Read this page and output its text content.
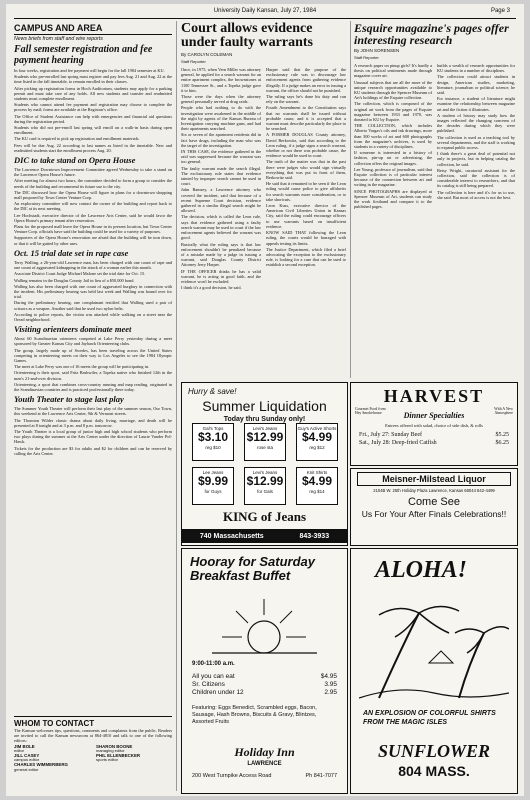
University Daily Kansan, July 27, 1984	Page 3
CAMPUS AND AREA
News briefs from staff and wire reports
Fall semester registration and fee payment hearing

In four weeks, registration and fee payment will begin for the fall 1984 semester at KU.

Students who pre-enrolled last spring must register and pay fees Aug. 21 and Aug. 22 at the time listed in the fall timetable, to remain enrolled in their classes.

After picking up registration forms in Hoch Auditorium, students may apply for a parking permit and must take care of any holds. All new students and transfer and readmitted students must complete enrollment.

Students who cannot attend fee payment and registration may choose to complete the process by mail; forms are available at the Registrar's office.

The Office of Student Assistance can help with emergencies and financial aid questions during the registration period.

Students who did not pre-enroll last spring will enroll on a walk-in basis during open enrollment.

The KU card is required to pick up registration and enrollment materials.

Fees will be due Aug. 22 according to last names as listed in the timetable. New and readmitted students start the enrollment process Aug. 20.

DIC to take stand on Opera House

The Lawrence Downtown Improvement Committee agreed Wednesday to take a stand on the Lawrence Opera House's future.

After meeting for almost two hours, the committee decided to form a group to consider the needs of the building and recommend its future use to the city.

The DIC discussed how the Opera House will figure in plans for a downtown shopping mall proposed by Town Center Venture Corp.

An exploratory committee will now contact the owner of the building and report back to the DIC at its next meeting.

Lee Hochstadt, executive director of the Lawrence Arts Center, said he would favor the Opera House's primary tenant after renovation.

Plans for the proposed mall leave the Opera House in its present location, but Town Center Venture Corp. officials have said the building could be used for a variety of purposes.

Supporters of the Opera House's renovation are afraid that the building will be torn down, or that it will be gutted by other uses.

Oct. 15 trial date set in rape case

Terry Walling, a 26-year-old Lawrence man, has been charged with one count of rape and one count of aggravated kidnapping in the attack of a woman earlier this month.

Associate District Court Judge Michael Malone set the trial date for Oct. 15.

Walling remains in the Douglas County Jail in lieu of a $50,000 bond.

Walling has also been charged with one count of aggravated burglary in connection with the incident. His preliminary hearing was held last week and Walling was bound over for trial.

During the preliminary hearing, one complainant testified that Walling used a pair of scissors as a weapon. Another said that he used two nylon belts.

According to police reports, the victim was attacked while walking on a street near the Oread neighborhood.

Visiting orienteers dominate meet

About 60 Scandinavian orienteers competed at Lake Perry yesterday during a meet sponsored by Greater Kansas City and Jayhawk Orienteering clubs.

The group, largely made up of Swedes, has been traveling across the United States competing in orienteering meets on their way to Los Angeles to see the 1984 Olympic Games.

The meet at Lake Perry was one of 16 meets the group will be participating in.

Orienteering is their sport, said Fritz Bruhwiler, a Topeka native who finished 12th in the men's 21-and-over division.

Orienteering, a sport that combines cross-country running and map reading, originated in the Scandinavian countries and is practiced professionally there today.

Youth Theater to stage last play

The Summer Youth Theater will perform their last play of the summer season, Our Town, this weekend at the Lawrence Arts Center, 9th & Vermont streets.

The Thornton Wilder classic drama about daily living, marriage, and death will be presented at 8 tonight and at 3 p.m. and 8 p.m. tomorrow.

The Youth Theater is a local group of junior high and high school students who perform two plays during the summer at the Arts Center under the direction of Laurie Vander Pol-Hawk.

Tickets for the production are $3 for adults and $2 for children and can be reserved by calling the Arts Center.

WHOM TO CONTACT

The Kansan welcomes tips, questions, comments and complaints from the public. Readers are invited to call the Kansan newsroom at 864-4810 and talk to one of the following editors:

JIM BOLE
editor
SHARON BOONE
managing editor
JILL CASEY
campus editor
PHIL ELLENBECKER
sports editor
CHARLES WIMMERBERG
general editor
Court allows evidence under faulty warrants
By CAROLYN COLEMAN
Staff Reporter

Once, in 1975, when Vern Miller was attorney general, he applied for a search warrant for an entire apartment complex, the brownstones at 1100 Tennessee St., and a Topeka judge gave it to him.

Those were the days when the attorney general personally served at drug raids.

People who had nothing to do with the investigation were awakened in the middle of the night by agents of the Kansas Bureau of Investigation carrying machine guns, and had their apartments searched.

Six or seven of the apartment residents did in fact have drugs, including the man who was the target of the investigation.

IN THIS CASE, the evidence gathered in the raid was suppressed because the warrant was too general.

The faulty warrant made the search illegal. The exclusionary rule states that evidence tainted by improper search cannot be used in court.

Juhn Ramsey, a Lawrence attorney who covered the incident, said that because of a recent Supreme Court decision, evidence gathered in a similar illegal search might be allowed.

The decision, which is called the Leon rule, says that evidence gathered using a faulty search warrant may be used in court if the law enforcement agents believed the warrant was good.

Basically what the ruling says is that law enforcement shouldn't be penalized because of a mistake made by a judge in issuing a warrant, said Douglas County District Attorney Jerry Harper.

IF THE OFFICER thinks he has a valid warrant, he is acting in good faith, and the evidence won't be excluded.

I think it's a good decision, he said.

Harper said that the purpose of the exclusionary rule was to discourage law enforcement agents from gathering evidence illegally. If a judge makes an error in issuing a warrant, the officer should not be punished.

The ruling says he's done his duty and can rely on the warrant.

Fourth Amendment to the Constitution says that no warrants shall be issued without probable cause, and it is accepted that a warrant must describe particularly the place to be searched.

A FORMER DOUGLAS County attorney, David Berkowitz, said that according to the Leon ruling, if a judge signs a search warrant, whether or not there was probable cause, the evidence would be used in court.

The truth of the matter was that in the past there were judges who would sign virtually everything that was put in front of them, Berkowitz said.

He said that it remained to be seen if the Leon ruling would cause police to give affidavits for search warrants more consideration, or to take shortcuts.

Leon Kuss, executive director of the American Civil Liberties Union in Kansas City, said the ruling could encourage officers to use warrants based on insufficient evidence.

KNOW SAID THAT following the Leon ruling, the courts would be barraged with appeals testing its limits.

The Justice Department, which filed a brief advocating the exception to the exclusionary rule, is looking for a case that can be used to establish a second exception.

Esquire magazine's pages offer interesting research
By JOHN SORENSEN
Staff Reporter

A research paper on pinup girls? It's hardly a thesis on political sentiments made through magazine cover art.

Unusual subjects that are all the more of the unique research opportunities available to KU students through the Spencer Museum of Art's holdings of the Esquire collection.

The collection, which is composed of the original art work from the pages of Esquire magazine between 1933 and 1970, was donated to KU by Esquire.

THE COLLECTION, which includes Alberto Vargas's oils and ink drawings, more than 300 works of art and 600 photographs from the magazine's archives, is used by students in a variety of disciplines.

If someone is interested in a history of fashion, pin-up art or advertising, the collection offers the original images.

Lee Young, professor of journalism, said that Esquire collection is of particular interest because of the connection between art and writing in the magazine.

SINCE PHOTOGRAPHS are displayed at Spencer Museum of Art, students can study the work firsthand and compare it to the published pages.

builds a wealth of research opportunities for KU students in a number of disciplines.

The collection could attract students in design, American studies, marketing, literature, journalism or political science, he said.

For instance, a student of literature might examine the relationship between magazine art and the fiction it illustrates.

A student of history may study how the images reflected the changing concerns of the decades during which they were published.

The collection is used as a teaching tool by several departments, and the staff is working to expand public access.

I think there's a great deal of potential not only in projects, but in helping catalog the collection, he said.

Betsy Wright, curatorial assistant for the collection, said the collection is of considerable interest to researchers, and that its catalog is still being prepared.

The collection is here and it's for us to use, she said. But most of access is not the best.

Hurry & save!
Summer Liquidation
Today thru Sunday only!
Gal's Tops
$3.10
reg $10
Levi's Jeans
$12.99
rose sta
Guy's Active Shorts
$4.99
reg $12
Lee Jeans
$9.99
for Guys
Levi's Jeans
$12.99
for Gals
Knit Shirts
$4.99
reg $14
KING of Jeans
740 Massachusetts	843-3933
HARVEST
Gourmet Food from Hey Smokehouse
With A New Atmosphere
Dinner Specialties
Entrees offered with salad, choice of side dish, & rolls
Fri., July 27: Sunday Beef	$5.25
Sat., July 28: Deep-fried Catfish	$6.25
Meisner-Milstead Liquor
2104B W. 25th Holiday Plaza Lawrence, Kansas 66044 842-4499
Come See
Us For Your After Finals Celebrations!!
Hooray for Saturday Breakfast Buffet
9:00-11:00 a.m.
All you can eat	$4.95
Sr. Citizens	3.95
Children under 12	2.95
Featuring: Eggs Benedict, Scrambled eggs, Bacon, Sausage, Hash Browns, Biscuits & Gravy, Blintzes, Assorted Fruits
Holiday Inn
LAWRENCE
200 West Turnpike Access Road	Ph 841-7077
ALOHA!
AN EXPLOSION OF COLORFUL SHIRTS FROM THE MAGIC ISLES
SUNFLOWER
804 MASS.
